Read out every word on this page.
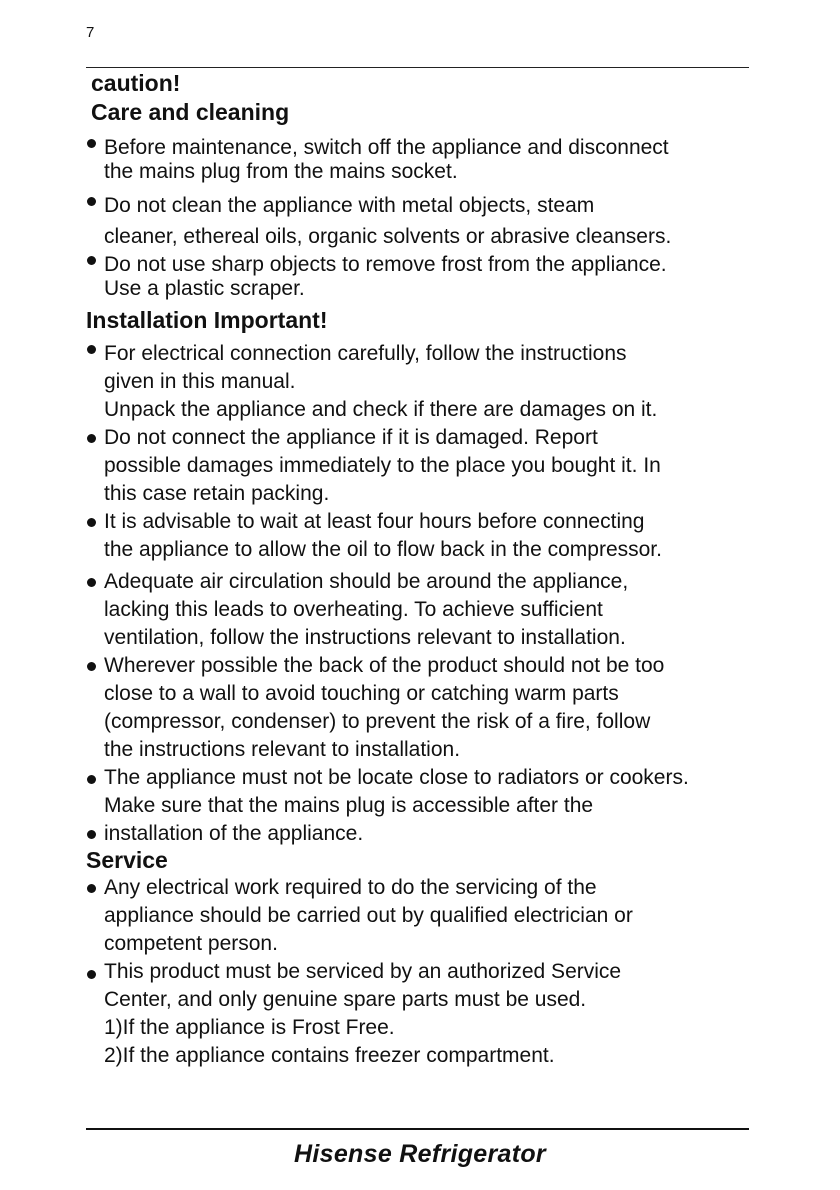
7
caution!
Care and cleaning
Before maintenance, switch off the appliance and disconnect
the mains plug from the mains socket.
Do not clean the appliance with metal objects, steam
cleaner, ethereal oils, organic solvents or abrasive cleansers.
Do not use sharp objects to remove frost from the appliance.
Use a plastic scraper.
Installation Important!
For electrical connection carefully, follow the instructions
given in this manual.
Unpack the appliance and check if there are damages on it.
Do not connect the appliance if it is damaged. Report
possible damages immediately to the place you bought it. In
this case retain packing.
It is advisable to wait at least four hours before connecting
the appliance to allow the oil to flow back in the compressor.
Adequate air circulation should be around the appliance,
lacking this leads to overheating. To achieve sufficient
ventilation, follow the instructions relevant to installation.
Wherever possible the back of the product should not be too
close to a wall to avoid touching or catching warm parts
(compressor, condenser) to prevent the risk of a fire, follow
the instructions relevant to installation.
The appliance must not be locate close to radiators or cookers.
Make sure that the mains plug is accessible after the
installation of the appliance.
Service
Any electrical work required to do the servicing of the
appliance should be carried out by qualified electrician or
competent person.
This product must be serviced by an authorized Service
Center, and only genuine spare parts must be used.
1)If the appliance is Frost Free.
2)If the appliance contains freezer compartment.
Hisense Refrigerator
